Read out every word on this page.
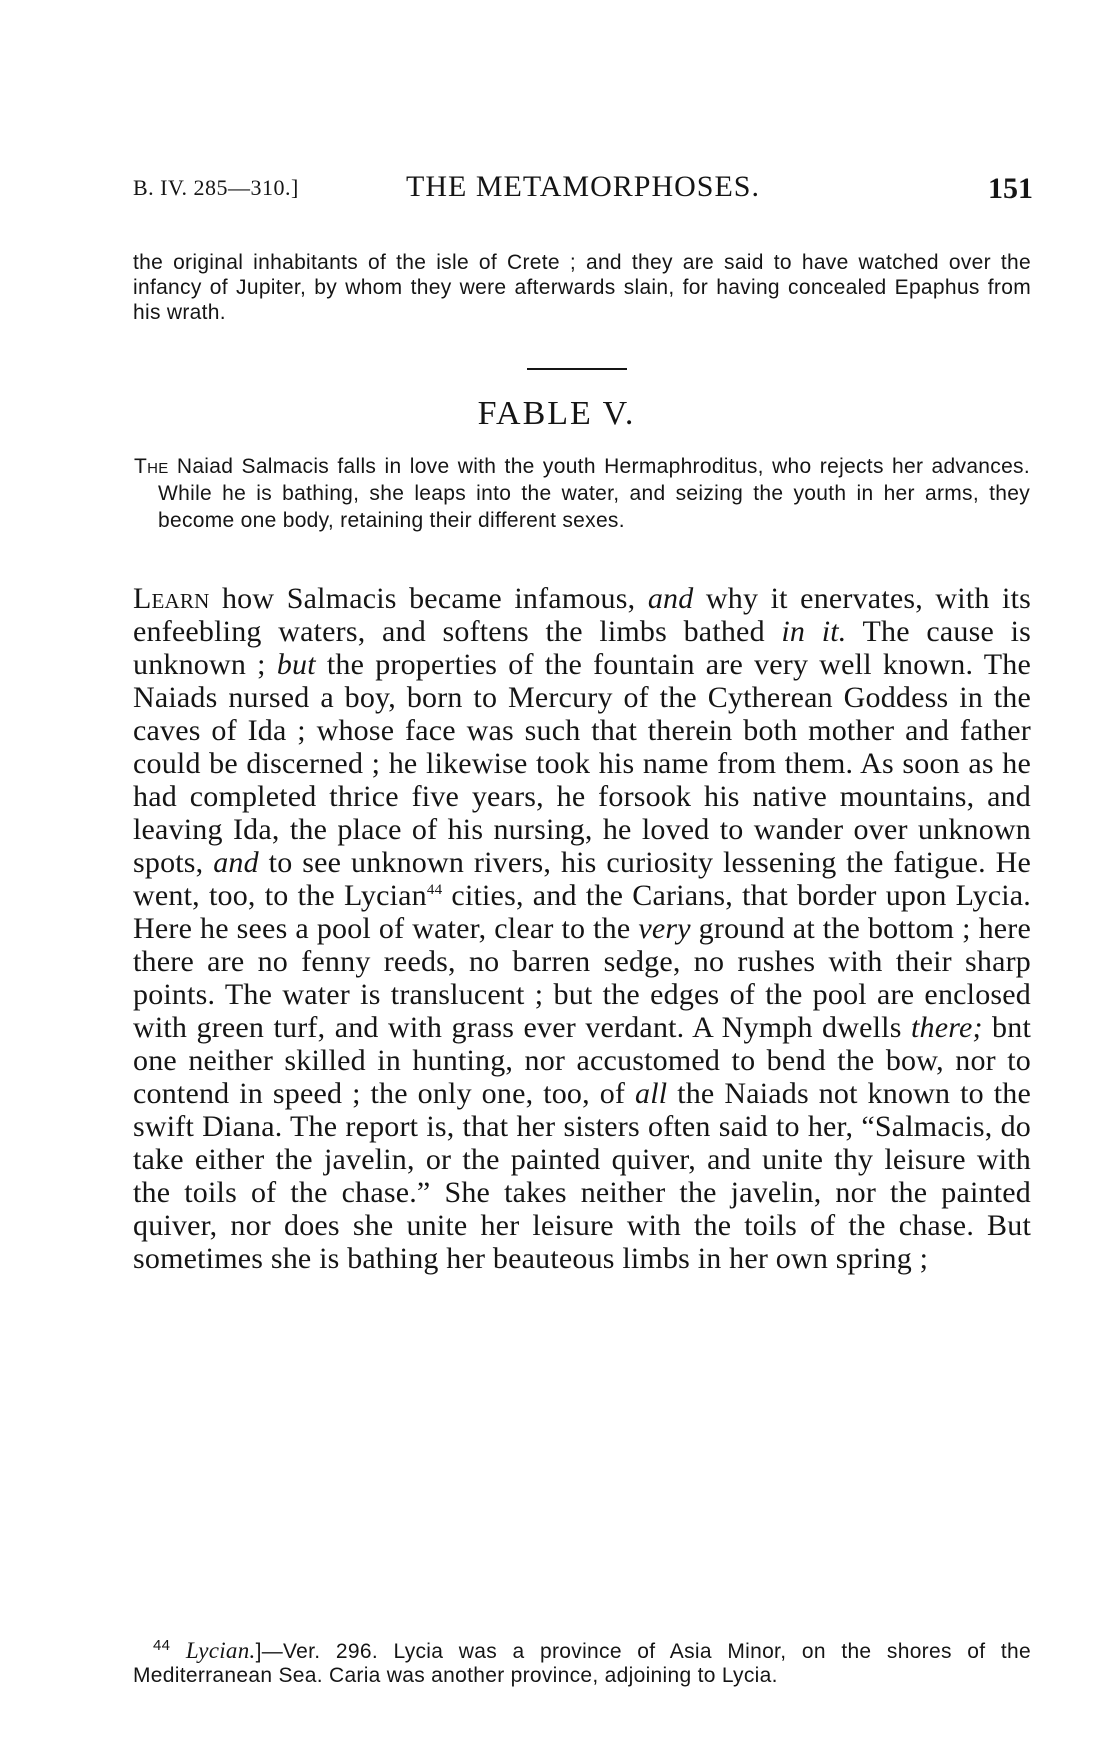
B. IV. 285—310.]	THE METAMORPHOSES.	151
the original inhabitants of the isle of Crete ; and they are said to have watched over the infancy of Jupiter, by whom they were afterwards slain, for having concealed Epaphus from his wrath.
FABLE V.
The Naiad Salmacis falls in love with the youth Hermaphroditus, who rejects her advances. While he is bathing, she leaps into the water, and seizing the youth in her arms, they become one body, retaining their different sexes.
Learn how Salmacis became infamous, and why it enervates, with its enfeebling waters, and softens the limbs bathed in it. The cause is unknown ; but the properties of the fountain are very well known. The Naiads nursed a boy, born to Mercury of the Cytherean Goddess in the caves of Ida ; whose face was such that therein both mother and father could be discerned ; he likewise took his name from them. As soon as he had completed thrice five years, he forsook his native mountains, and leaving Ida, the place of his nursing, he loved to wander over unknown spots, and to see unknown rivers, his curiosity lessening the fatigue. He went, too, to the Lycian$^{44}$ cities, and the Carians, that border upon Lycia. Here he sees a pool of water, clear to the very ground at the bottom ; here there are no fenny reeds, no barren sedge, no rushes with their sharp points. The water is translucent ; but the edges of the pool are enclosed with green turf, and with grass ever verdant. A Nymph dwells there; bnt one neither skilled in hunting, nor accustomed to bend the bow, nor to contend in speed ; the only one, too, of all the Naiads not known to the swift Diana. The report is, that her sisters often said to her, “Salmacis, do take either the javelin, or the painted quiver, and unite thy leisure with the toils of the chase.” She takes neither the javelin, nor the painted quiver, nor does she unite her leisure with the toils of the chase. But sometimes she is bathing her beauteous limbs in her own spring ;
$^{44}$ Lycian.]—Ver. 296. Lycia was a province of Asia Minor, on the shores of the Mediterranean Sea. Caria was another province, adjoining to Lycia.
